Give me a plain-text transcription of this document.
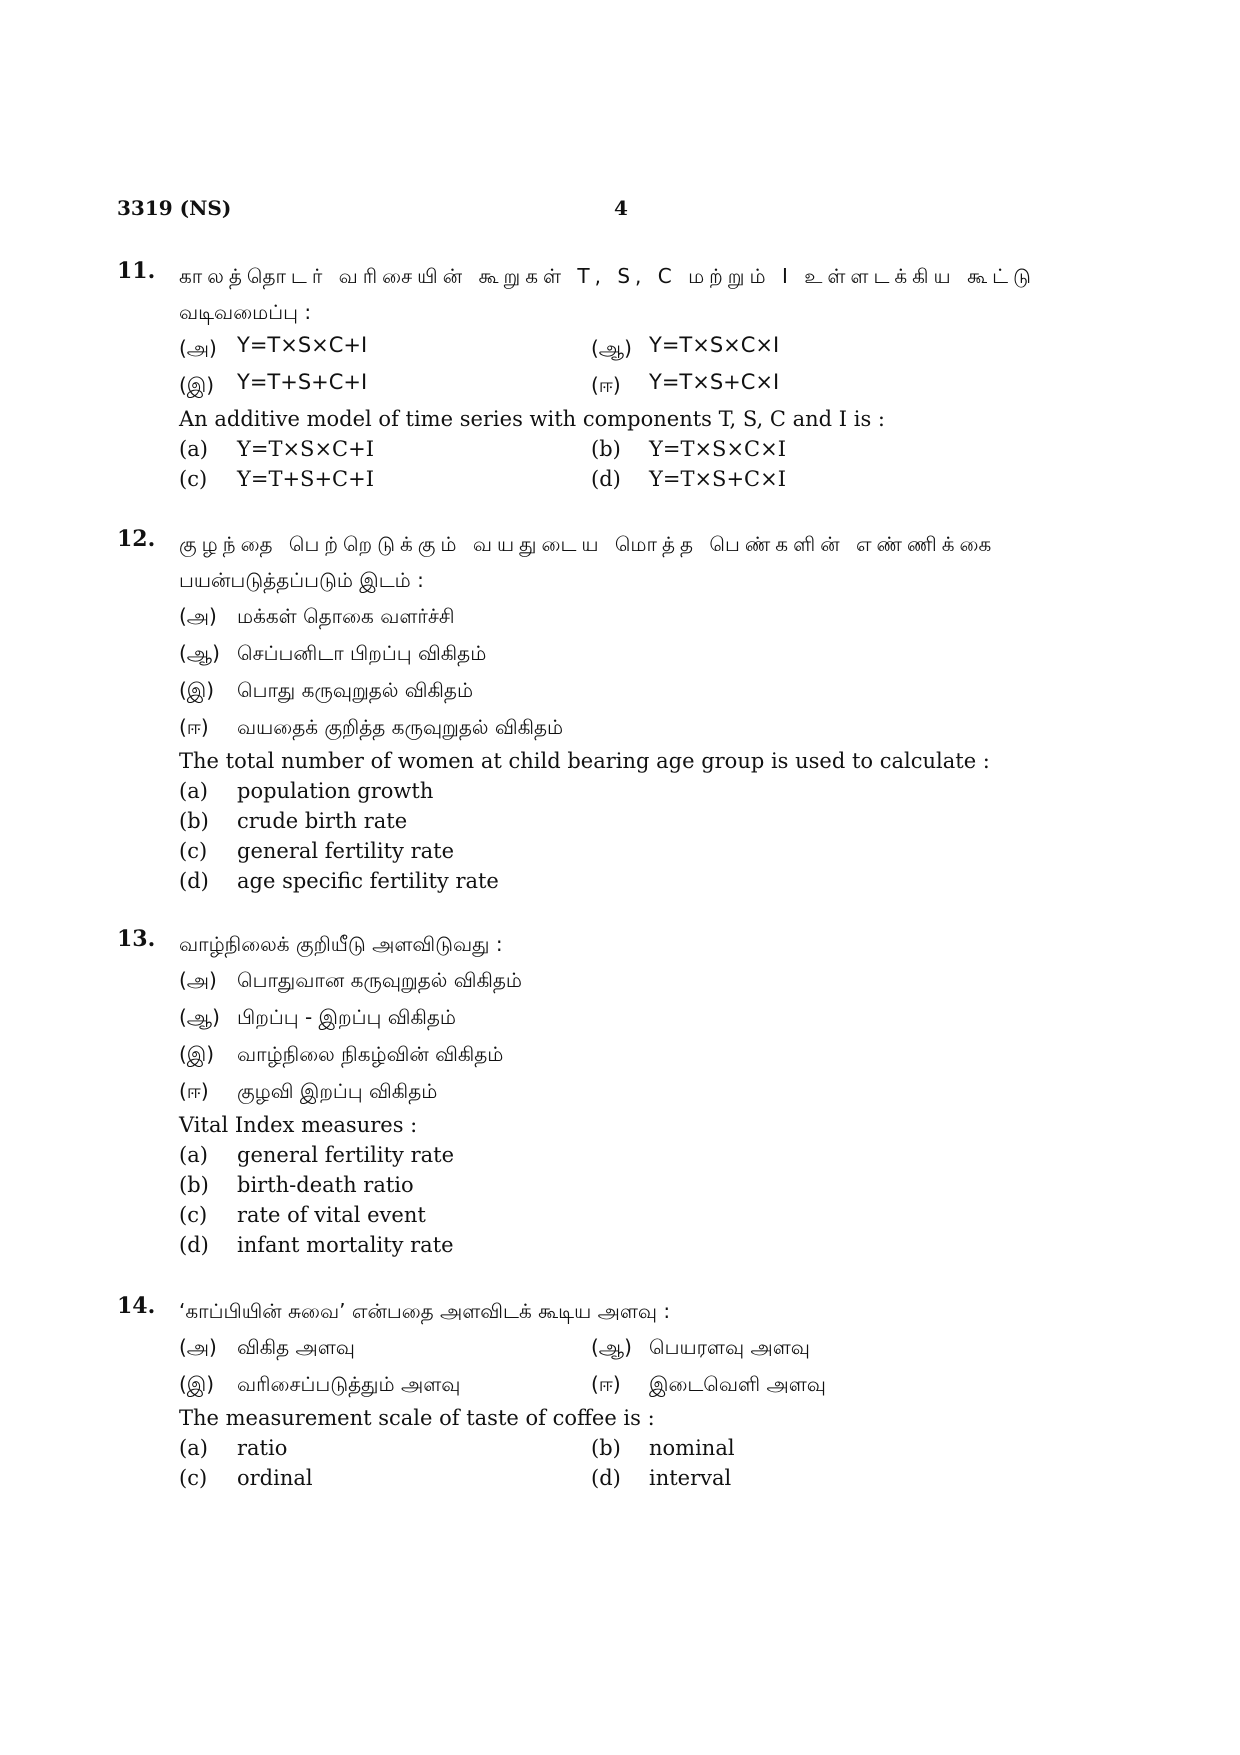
3319 (NS)	4
11.	காலத்தொடர் வரிசையின் கூறுகள் T, S, C மற்றும் I உள்ளடக்கிய கூட்டு
வடிவமைப்பு :
(அ) Y=T×S×C+I	(ஆ) Y=T×S×C×I
(இ)	Y=T+S+C+I	(ஈ)	Y=T×S+C×I
An additive model of time series with components T, S, C and I is :
(a)	Y=T×S×C+I	(b)	Y=T×S×C×I
(c)	Y=T+S+C+I	(d)	Y=T×S+C×I
12.	குழந்தை பெற்றெடுக்கும் வயதுடைய மொத்த பெண்களின் எண்ணிக்கை
பயன்படுத்தப்படும் இடம் :
(அ) மக்கள் தொகை வளர்ச்சி
(ஆ) செப்பனிடா பிறப்பு விகிதம்
(இ) பொது கருவுறுதல் விகிதம்
(ஈ) வயதைக் குறித்த கருவுறுதல் விகிதம்
The total number of women at child bearing age group is used to calculate :
(a) population growth
(b) crude birth rate
(c) general fertility rate
(d) age specific fertility rate
13.	வாழ்நிலைக் குறியீடு அளவிடுவது :
(அ) பொதுவான கருவுறுதல் விகிதம்
(ஆ) பிறப்பு - இறப்பு விகிதம்
(இ) வாழ்நிலை நிகழ்வின் விகிதம்
(ஈ) குழவி இறப்பு விகிதம்
Vital Index measures :
(a) general fertility rate
(b) birth-death ratio
(c) rate of vital event
(d) infant mortality rate
14.	‘காப்பியின் சுவை’ என்பதை அளவிடக் கூடிய அளவு :
(அ)	விகித அளவு	(ஆ) பெயரளவு அளவு
(இ)	வரிசைப்படுத்தும் அளவு	(ஈ)	இடைவெளி அளவு
The measurement scale of taste of coffee is :
(a)	ratio	(b)	nominal
(c)	ordinal	(d)	interval
